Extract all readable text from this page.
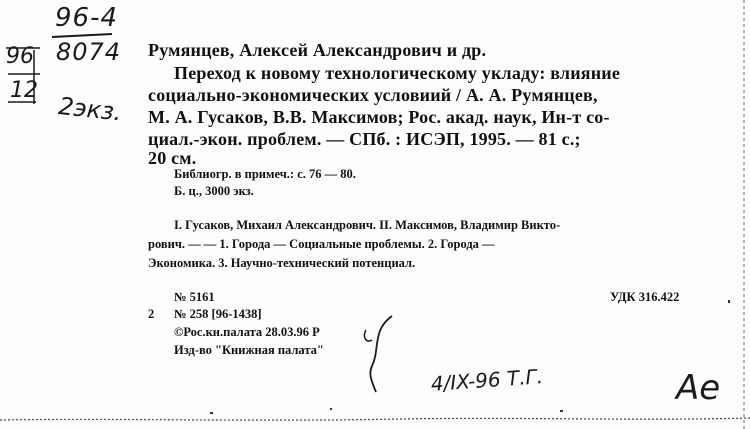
96-4
8074
96
12
2экз.
Румянцев, Алексей Александрович и др.
Переход к новому технологическому укладу: влияние
социально-экономических условиий / А. А. Румянцев,
М. А. Гусаков, В.В. Максимов; Рос. акад. наук, Ин-т со-
циал.-экон. проблем. — СПб. : ИСЭП, 1995. — 81 с.;
20 см.
Библиогр. в примеч.: с. 76 — 80.
Б. ц., 3000 экз.
I. Гусаков, Михаил Александрович. II. Максимов, Владимир Викто-
рович. — — 1. Города — Социальные проблемы. 2. Города —
Экономика. 3. Научно-технический потенциал.
№ 5161	УДК 316.422
2 № 258 [96-1438]
©Рос.кн.палата 28.03.96 Р
Изд-во "Книжная палата"
4/IX-96 Т.Г.	Ae
